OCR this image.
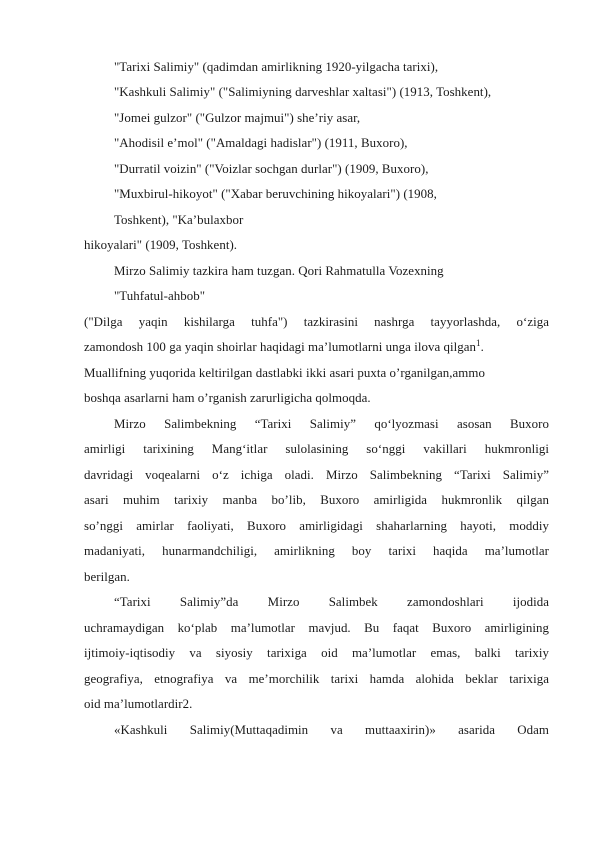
"Tarixi Salimiy" (qadimdan amirlikning 1920-yilgacha tarixi),
"Kashkuli Salimiy" ("Salimiyning darveshlar xaltasi") (1913, Toshkent),
"Jomei gulzor" ("Gulzor majmui") she’riy asar,
"Ahodisil e’mol" ("Amaldagi hadislar") (1911, Buxoro),
"Durratil voizin" ("Voizlar sochgan durlar") (1909, Buxoro),
"Muxbirul-hikoyot" ("Xabar beruvchining hikoyalari") (1908,
Toshkent), "Ka’bulaxbor
hikoyalari" (1909, Toshkent).
Mirzo Salimiy tazkira ham tuzgan. Qori Rahmatulla Vozexning
"Tuhfatul-ahbob"
("Dilga yaqin kishilarga tuhfa") tazkirasini nashrga tayyorlashda, o‘ziga
zamondosh 100 ga yaqin shoirlar haqidagi ma’lumotlarni unga ilova qilgan$^1$.
Muallifning yuqorida keltirilgan dastlabki ikki asari puxta o’rganilgan,ammo
boshqa asarlarni ham o’rganish zarurligicha qolmoqda.
Mirzo Salimbekning “Tarixi Salimiy” qo‘lyozmasi asosan Buxoro
amirligi tarixining Mang‘itlar sulolasining so‘nggi vakillari hukmronligi
davridagi voqealarni o‘z ichiga oladi. Mirzo Salimbekning “Tarixi Salimiy”
asari muhim tarixiy manba bo’lib, Buxoro amirligida hukmronlik qilgan
so’nggi amirlar faoliyati, Buxoro amirligidagi shaharlarning hayoti, moddiy
madaniyati, hunarmandchiligi, amirlikning boy tarixi haqida ma’lumotlar
berilgan.
“Tarixi Salimiy”da Mirzo Salimbek zamondoshlari ijodida
uchramaydigan ko‘plab ma’lumotlar mavjud. Bu faqat Buxoro amirligining
ijtimoiy-iqtisodiy va siyosiy tarixiga oid ma’lumotlar emas, balki tarixiy
geografiya, etnografiya va me’morchilik tarixi hamda alohida beklar tarixiga
oid ma’lumotlardir2.
«Kashkuli Salimiy(Muttaqadimin va muttaaxirin)» asarida Odam
